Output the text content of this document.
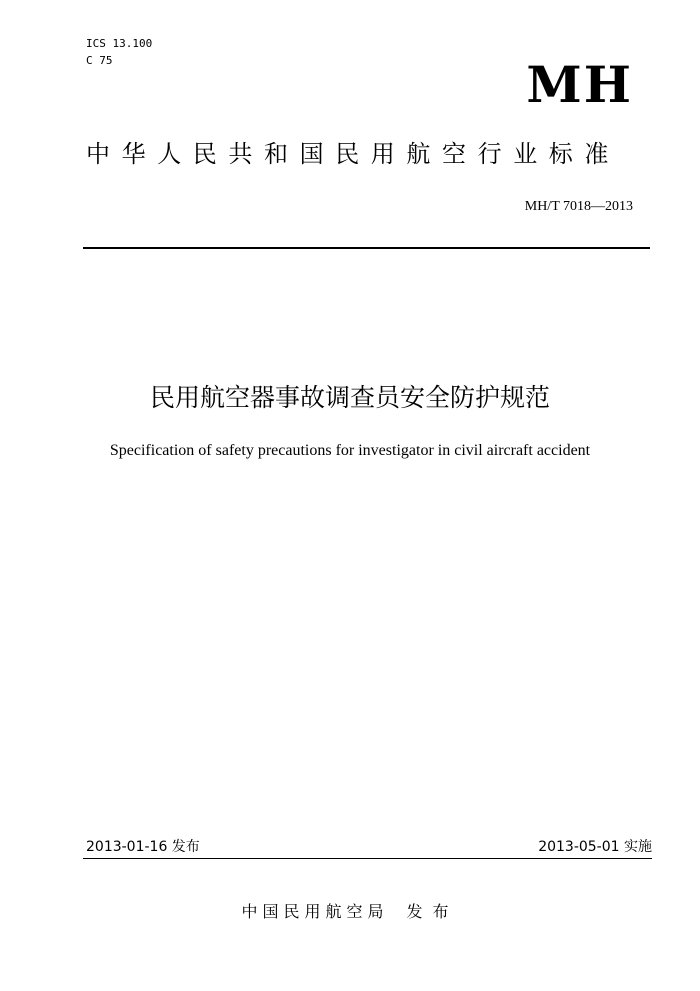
ICS 13.100
C 75	MH
中华人民共和国民用航空行业标准
MH/T 7018—2013
民用航空器事故调查员安全防护规范
Specification of safety precautions for investigator in civil aircraft accident
2013-01-16 发布	2013-05-01 实施
中国民用航空局 发布
